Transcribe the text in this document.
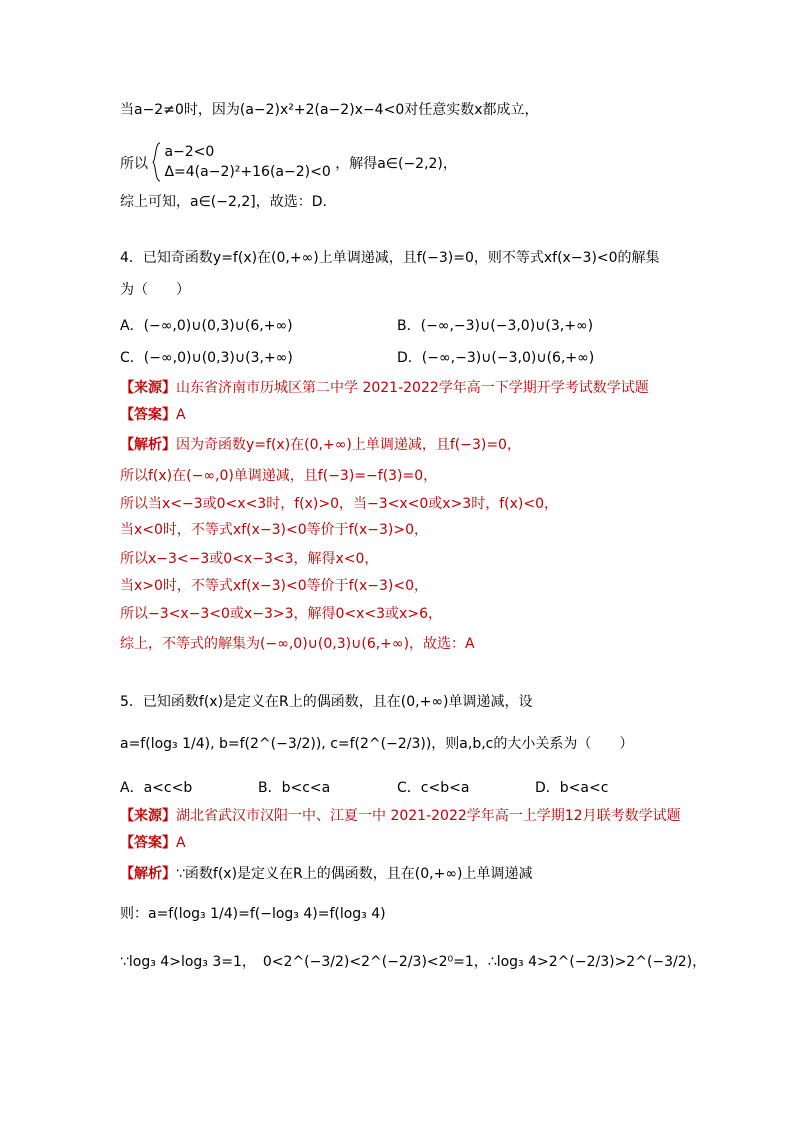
当a−2≠0时，因为(a−2)x²+2(a−2)x−4<0对任意实数x都成立，
所以
a−2<0
Δ=4(a−2)²+16(a−2)<0 ，解得a∈(−2,2)，
综上可知，a∈(−2,2]，故选：D.
4．已知奇函数y=f(x)在(0,+∞)上单调递减，且f(−3)=0，则不等式xf(x−3)<0的解集
为（　　）
A．(−∞,0)∪(0,3)∪(6,+∞)	B．(−∞,−3)∪(−3,0)∪(3,+∞)
C．(−∞,0)∪(0,3)∪(3,+∞)	D．(−∞,−3)∪(−3,0)∪(6,+∞)
【来源】山东省济南市历城区第二中学 2021-2022学年高一下学期开学考试数学试题
【答案】A
【解析】因为奇函数y=f(x)在(0,+∞)上单调递减，且f(−3)=0，
所以f(x)在(−∞,0)单调递减，且f(−3)=−f(3)=0，
所以当x<−3或0<x<3时，f(x)>0，当−3<x<0或x>3时，f(x)<0，
当x<0时，不等式xf(x−3)<0等价于f(x−3)>0，
所以x−3<−3或0<x−3<3，解得x<0，
当x>0时，不等式xf(x−3)<0等价于f(x−3)<0，
所以−3<x−3<0或x−3>3，解得0<x<3或x>6，
综上，不等式的解集为(−∞,0)∪(0,3)∪(6,+∞)，故选：A
5．已知函数f(x)是定义在R上的偶函数，且在(0,+∞)单调递减，设
a=f(log₃ 1/4), b=f(2^(−3/2)), c=f(2^(−2/3))，则a,b,c的大小关系为（　　）
A．a<c<b	B．b<c<a	C．c<b<a	D．b<a<c
【来源】湖北省武汉市汉阳一中、江夏一中 2021-2022学年高一上学期12月联考数学试题
【答案】A
【解析】∵函数f(x)是定义在R上的偶函数，且在(0,+∞)上单调递减
则：a=f(log₃ 1/4)=f(−log₃ 4)=f(log₃ 4)
∵log₃ 4>log₃ 3=1，　0<2^(−3/2)<2^(−2/3)<2⁰=1，∴log₃ 4>2^(−2/3)>2^(−3/2)，
